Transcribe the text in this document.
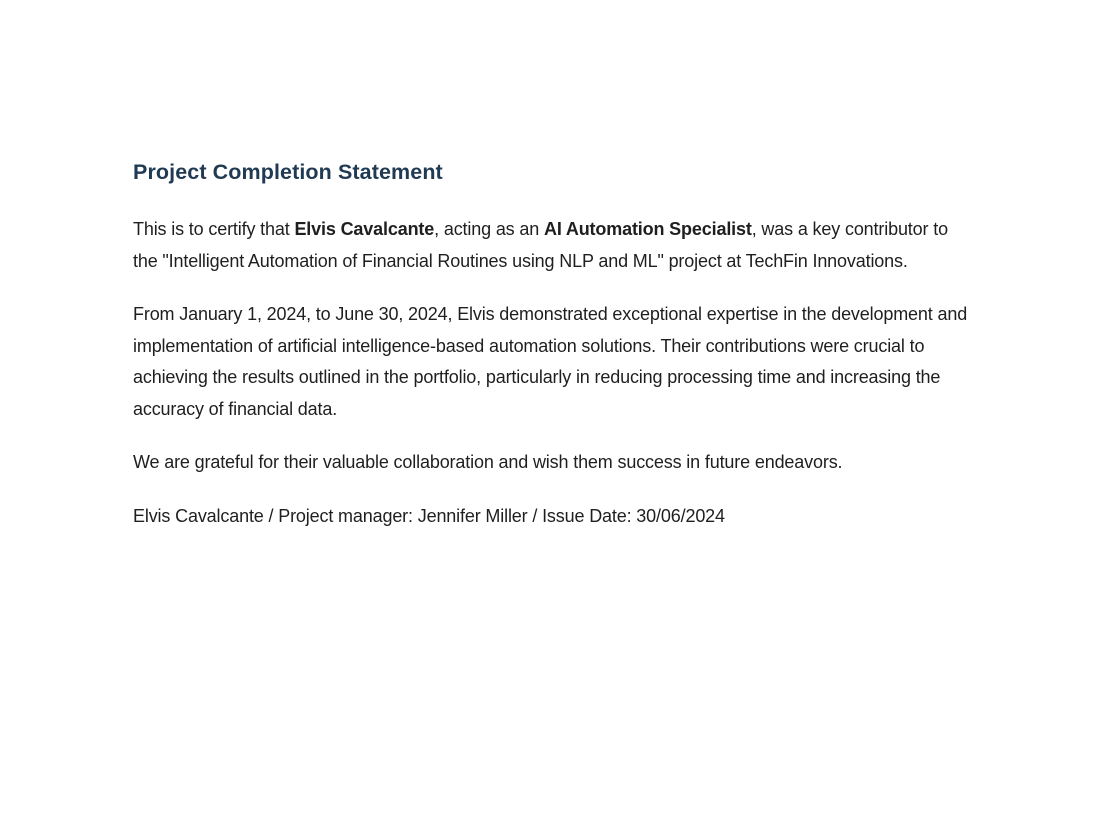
Project Completion Statement

This is to certify that Elvis Cavalcante, acting as an AI Automation Specialist, was a key contributor to the "Intelligent Automation of Financial Routines using NLP and ML" project at TechFin Innovations.

From January 1, 2024, to June 30, 2024, Elvis demonstrated exceptional expertise in the development and implementation of artificial intelligence-based automation solutions. Their contributions were crucial to achieving the results outlined in the portfolio, particularly in reducing processing time and increasing the accuracy of financial data.

We are grateful for their valuable collaboration and wish them success in future endeavors.

Elvis Cavalcante / Project manager: Jennifer Miller / Issue Date: 30/06/2024
